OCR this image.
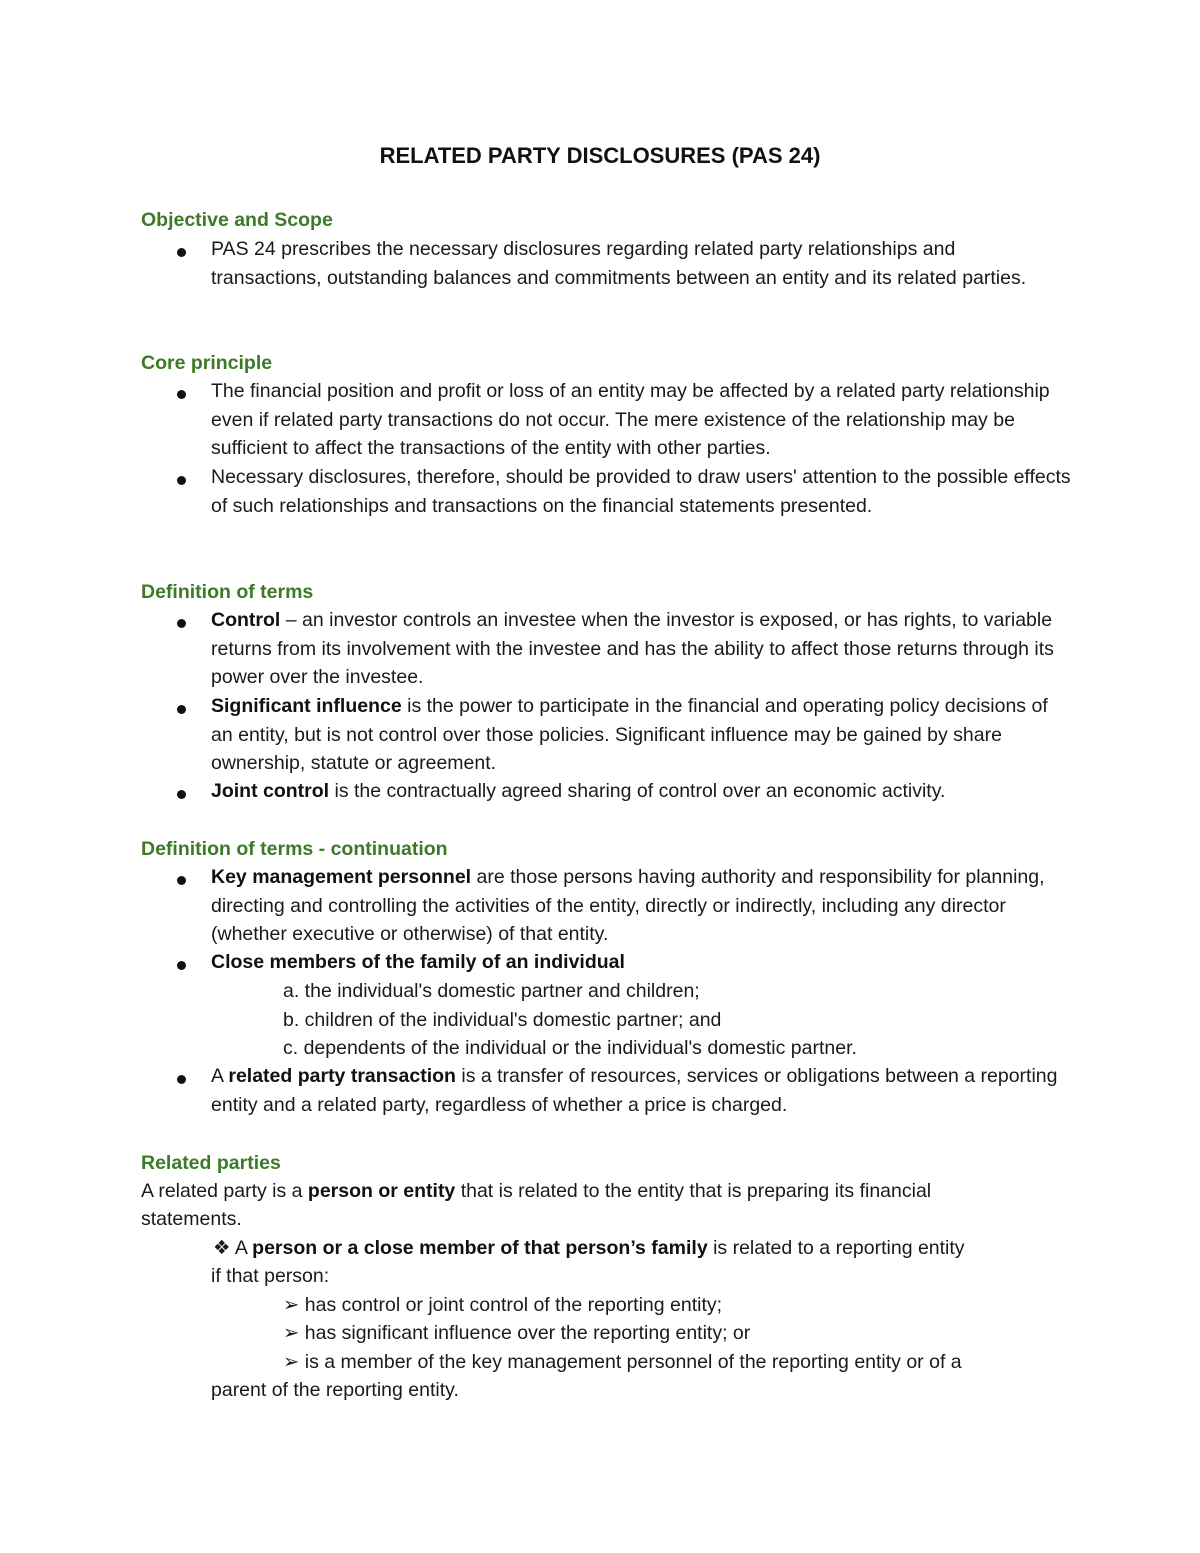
RELATED PARTY DISCLOSURES (PAS 24)
Objective and Scope
PAS 24 prescribes the necessary disclosures regarding related party relationships and transactions, outstanding balances and commitments between an entity and its related parties.
Core principle
The financial position and profit or loss of an entity may be affected by a related party relationship even if related party transactions do not occur. The mere existence of the relationship may be sufficient to affect the transactions of the entity with other parties.
Necessary disclosures, therefore, should be provided to draw users' attention to the possible effects of such relationships and transactions on the financial statements presented.
Definition of terms
Control – an investor controls an investee when the investor is exposed, or has rights, to variable returns from its involvement with the investee and has the ability to affect those returns through its power over the investee.
Significant influence is the power to participate in the financial and operating policy decisions of an entity, but is not control over those policies. Significant influence may be gained by share ownership, statute or agreement.
Joint control is the contractually agreed sharing of control over an economic activity.
Definition of terms - continuation
Key management personnel are those persons having authority and responsibility for planning, directing and controlling the activities of the entity, directly or indirectly, including any director (whether executive or otherwise) of that entity.
Close members of the family of an individual
a. the individual's domestic partner and children;
b. children of the individual's domestic partner; and
c. dependents of the individual or the individual's domestic partner.
A related party transaction is a transfer of resources, services or obligations between a reporting entity and a related party, regardless of whether a price is charged.
Related parties
A related party is a person or entity that is related to the entity that is preparing its financial
statements.
❖ A person or a close member of that person’s family is related to a reporting entity
if that person:
➢ has control or joint control of the reporting entity;
➢ has significant influence over the reporting entity; or
➢ is a member of the key management personnel of the reporting entity or of a
parent of the reporting entity.
